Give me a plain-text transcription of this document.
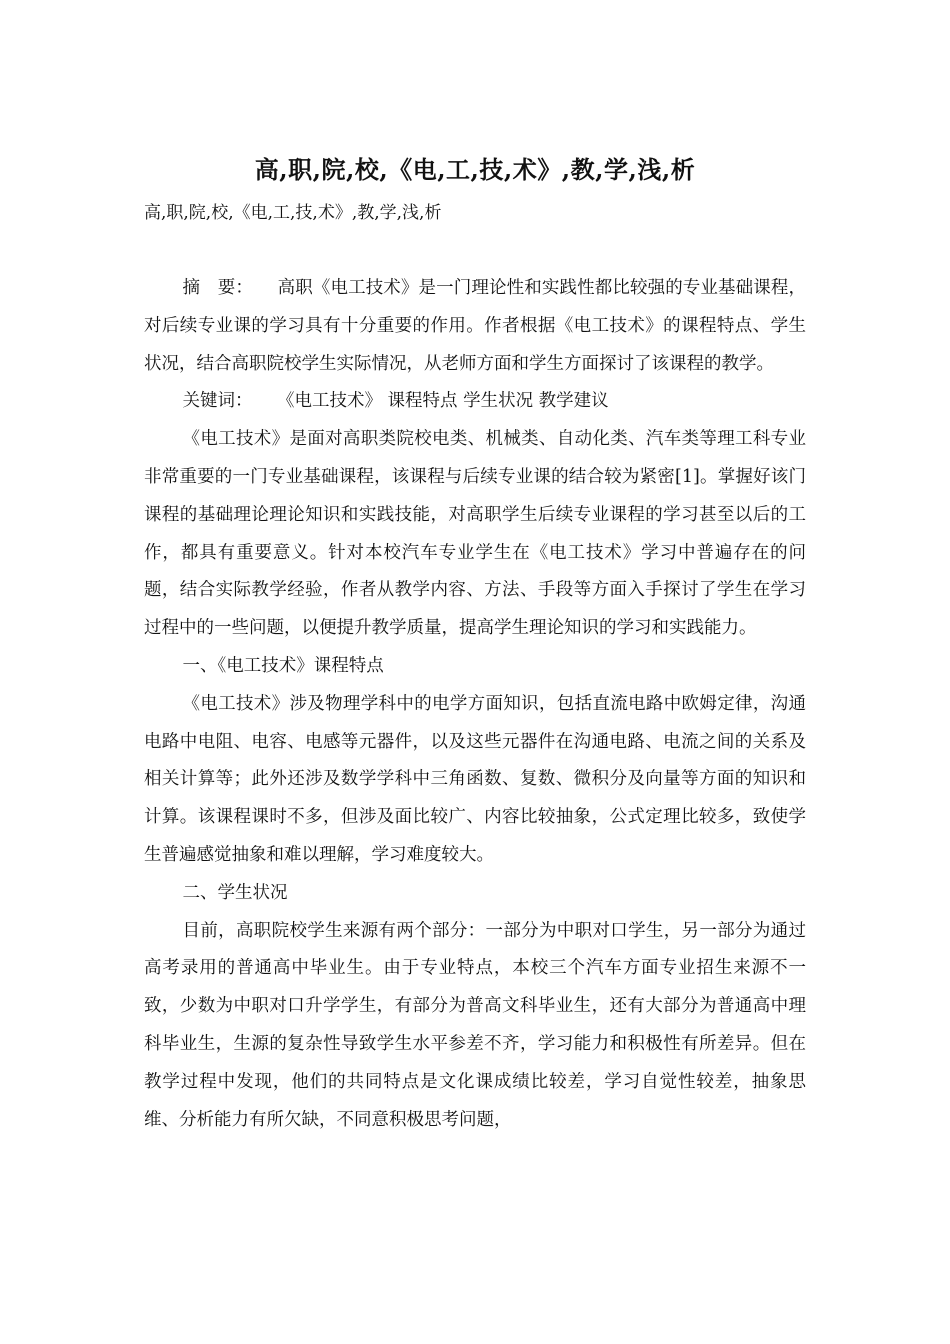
高,职,院,校,《电,工,技,术》,教,学,浅,析
高,职,院,校,《电,工,技,术》,教,学,浅,析

摘　要： 高职《电工技术》是一门理论性和实践性都比较强的专业基础课程，对后续专业课的学习具有十分重要的作用。作者根据《电工技术》的课程特点、学生状况，结合高职院校学生实际情况，从老师方面和学生方面探讨了该课程的教学。

关键词： 《电工技术》 课程特点 学生状况 教学建议

《电工技术》是面对高职类院校电类、机械类、自动化类、汽车类等理工科专业非常重要的一门专业基础课程，该课程与后续专业课的结合较为紧密[1]。掌握好该门课程的基础理论理论知识和实践技能，对高职学生后续专业课程的学习甚至以后的工作，都具有重要意义。针对本校汽车专业学生在《电工技术》学习中普遍存在的问题，结合实际教学经验，作者从教学内容、方法、手段等方面入手探讨了学生在学习过程中的一些问题，以便提升教学质量，提高学生理论知识的学习和实践能力。

一、《电工技术》课程特点

《电工技术》涉及物理学科中的电学方面知识，包括直流电路中欧姆定律，沟通电路中电阻、电容、电感等元器件，以及这些元器件在沟通电路、电流之间的关系及相关计算等；此外还涉及数学学科中三角函数、复数、微积分及向量等方面的知识和计算。该课程课时不多，但涉及面比较广、内容比较抽象，公式定理比较多，致使学生普遍感觉抽象和难以理解，学习难度较大。

二、学生状况

目前，高职院校学生来源有两个部分：一部分为中职对口学生，另一部分为通过高考录用的普通高中毕业生。由于专业特点，本校三个汽车方面专业招生来源不一致，少数为中职对口升学学生，有部分为普高文科毕业生，还有大部分为普通高中理科毕业生，生源的复杂性导致学生水平参差不齐，学习能力和积极性有所差异。但在教学过程中发现，他们的共同特点是文化课成绩比较差，学习自觉性较差，抽象思维、分析能力有所欠缺，不同意积极思考问题，
